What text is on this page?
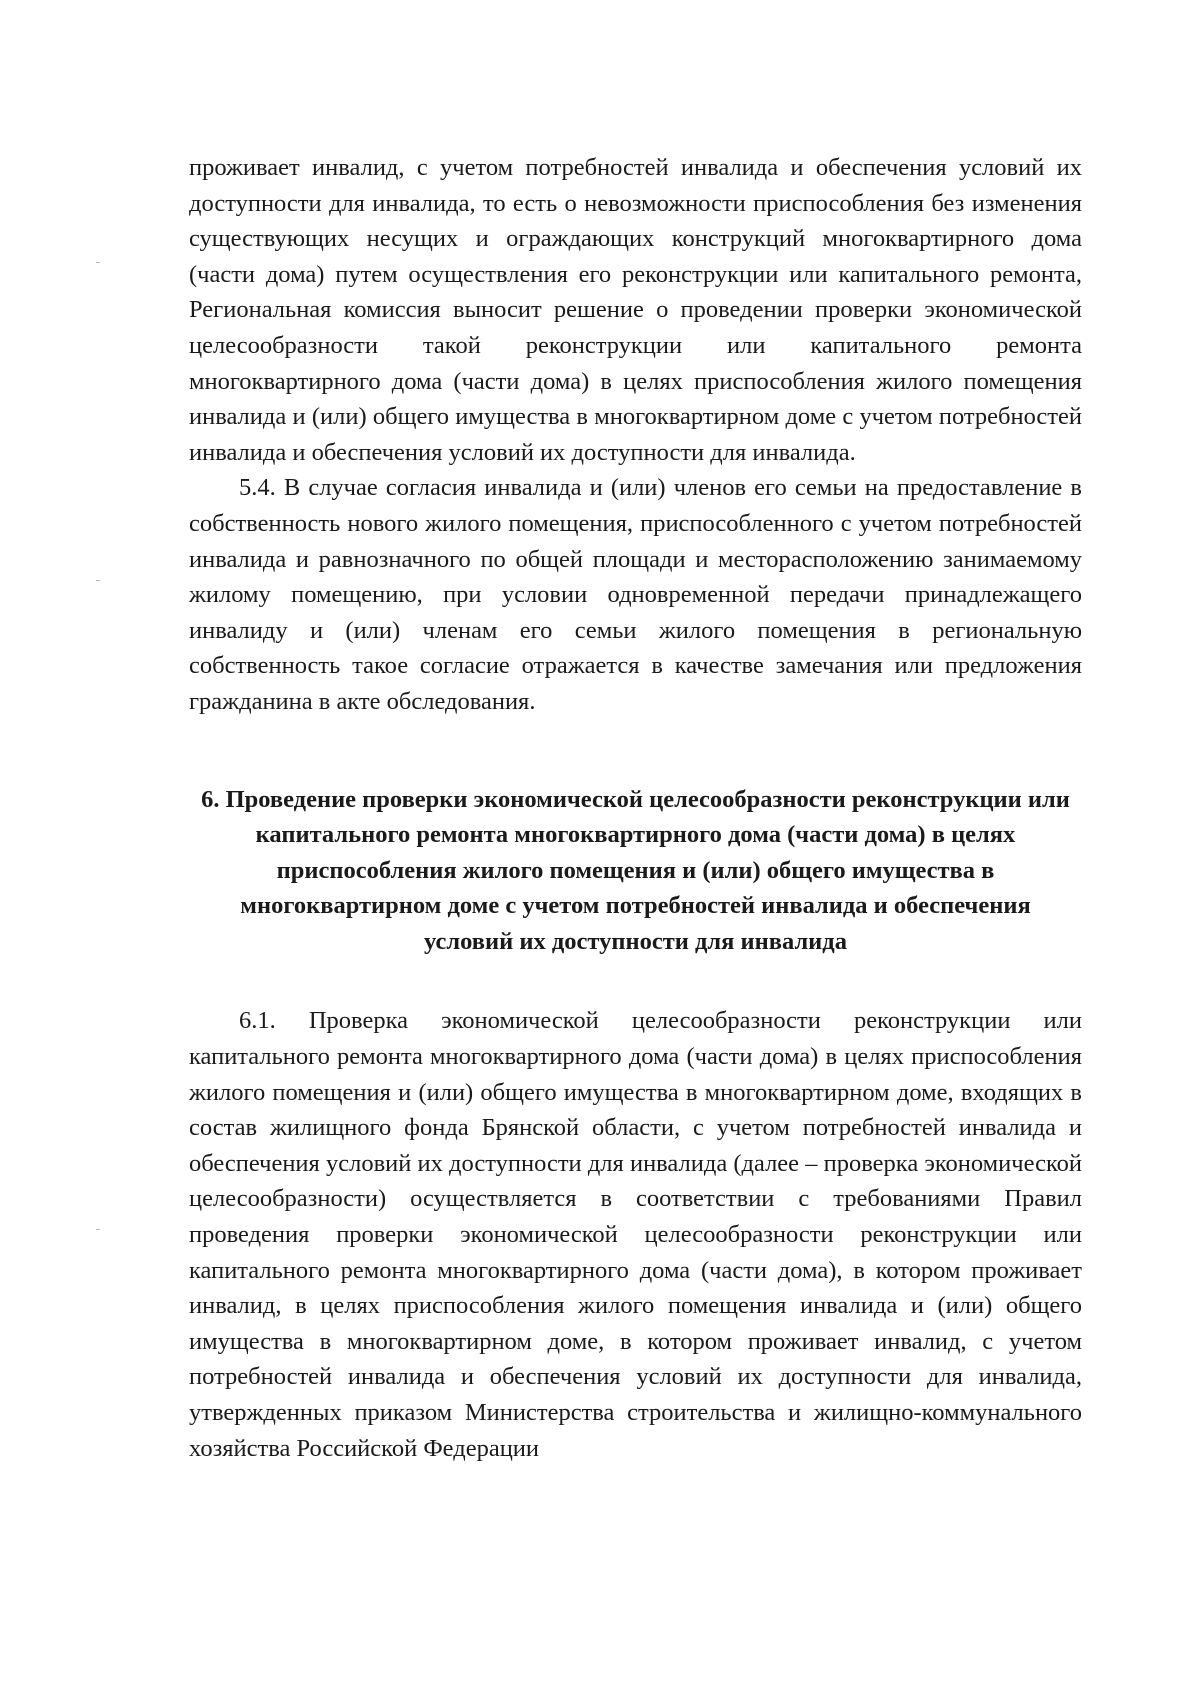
проживает инвалид, с учетом потребностей инвалида и обеспечения условий их доступности для инвалида, то есть о невозможности приспособления без изменения существующих несущих и ограждающих конструкций многоквартирного дома (части дома) путем осуществления его реконструкции или капитального ремонта, Региональная комиссия выносит решение о проведении проверки экономической целесообразности такой реконструкции или капитального ремонта многоквартирного дома (части дома) в целях приспособления жилого помещения инвалида и (или) общего имущества в многоквартирном доме с учетом потребностей инвалида и обеспечения условий их доступности для инвалида.

5.4. В случае согласия инвалида и (или) членов его семьи на предоставление в собственность нового жилого помещения, приспособленного с учетом потребностей инвалида и равнозначного по общей площади и месторасположению занимаемому жилому помещению, при условии одновременной передачи принадлежащего инвалиду и (или) членам его семьи жилого помещения в региональную собственность такое согласие отражается в качестве замечания или предложения гражданина в акте обследования.

6. Проведение проверки экономической целесообразности реконструкции или капитального ремонта многоквартирного дома (части дома) в целях приспособления жилого помещения и (или) общего имущества в многоквартирном доме с учетом потребностей инвалида и обеспечения условий их доступности для инвалида

6.1. Проверка экономической целесообразности реконструкции или капитального ремонта многоквартирного дома (части дома) в целях приспособления жилого помещения и (или) общего имущества в многоквартирном доме, входящих в состав жилищного фонда Брянской области, с учетом потребностей инвалида и обеспечения условий их доступности для инвалида (далее – проверка экономической целесообразности) осуществляется в соответствии с требованиями Правил проведения проверки экономической целесообразности реконструкции или капитального ремонта многоквартирного дома (части дома), в котором проживает инвалид, в целях приспособления жилого помещения инвалида и (или) общего имущества в многоквартирном доме, в котором проживает инвалид, с учетом потребностей инвалида и обеспечения условий их доступности для инвалида, утвержденных приказом Министерства строительства и жилищно-коммунального хозяйства Российской Федерации
